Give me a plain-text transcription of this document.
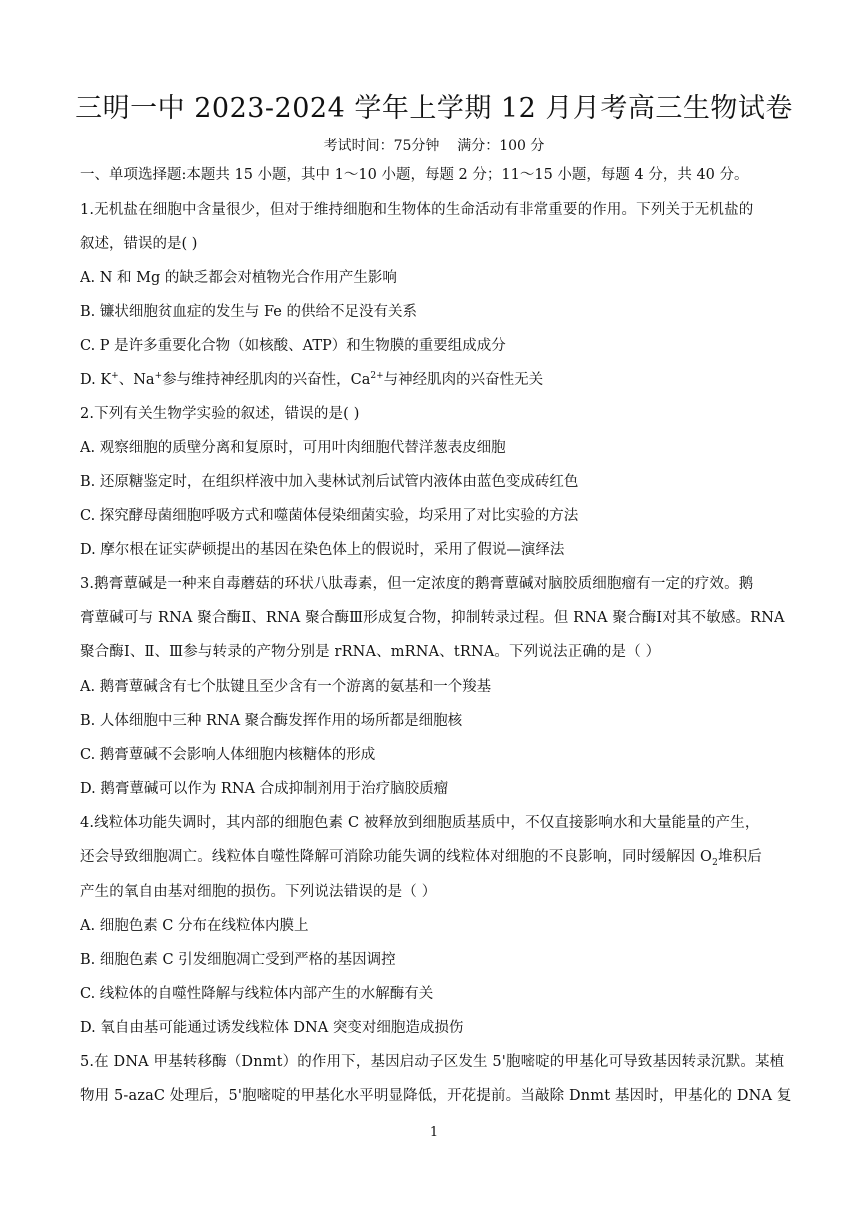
三明一中 2023-2024 学年上学期 12 月月考高三生物试卷
考试时间：75分钟    满分：100 分
一、单项选择题:本题共 15 小题，其中 1～10 小题，每题 2 分；11～15 小题，每题 4 分，共 40 分。
1.无机盐在细胞中含量很少，但对于维持细胞和生物体的生命活动有非常重要的作用。下列关于无机盐的
叙述，错误的是( )
A. N 和 Mg 的缺乏都会对植物光合作用产生影响
B. 镰状细胞贫血症的发生与 Fe 的供给不足没有关系
C. P 是许多重要化合物（如核酸、ATP）和生物膜的重要组成成分
D. K+、Na+参与维持神经肌肉的兴奋性，$Ca^{2+}$与神经肌肉的兴奋性无关
2.下列有关生物学实验的叙述，错误的是( )
A. 观察细胞的质壁分离和复原时，可用叶肉细胞代替洋葱表皮细胞
B. 还原糖鉴定时，在组织样液中加入斐林试剂后试管内液体由蓝色变成砖红色
C. 探究酵母菌细胞呼吸方式和噬菌体侵染细菌实验，均采用了对比实验的方法
D. 摩尔根在证实萨顿提出的基因在染色体上的假说时，采用了假说—演绎法
3.鹅膏蕈碱是一种来自毒蘑菇的环状八肽毒素，但一定浓度的鹅膏蕈碱对脑胶质细胞瘤有一定的疗效。鹅
膏蕈碱可与 RNA 聚合酶Ⅱ、RNA 聚合酶Ⅲ形成复合物，抑制转录过程。但 RNA 聚合酶Ⅰ对其不敏感。RNA
聚合酶Ⅰ、Ⅱ、Ⅲ参与转录的产物分别是 rRNA、mRNA、tRNA。下列说法正确的是（ ）
A. 鹅膏蕈碱含有七个肽键且至少含有一个游离的氨基和一个羧基
B. 人体细胞中三种 RNA 聚合酶发挥作用的场所都是细胞核
C. 鹅膏蕈碱不会影响人体细胞内核糖体的形成
D. 鹅膏蕈碱可以作为 RNA 合成抑制剂用于治疗脑胶质瘤
4.线粒体功能失调时，其内部的细胞色素 C 被释放到细胞质基质中，不仅直接影响水和大量能量的产生，
还会导致细胞凋亡。线粒体自噬性降解可消除功能失调的线粒体对细胞的不良影响，同时缓解因 $O_2$堆积后
产生的氧自由基对细胞的损伤。下列说法错误的是（ ）
A. 细胞色素 C 分布在线粒体内膜上
B. 细胞色素 C 引发细胞凋亡受到严格的基因调控
C. 线粒体的自噬性降解与线粒体内部产生的水解酶有关
D. 氧自由基可能通过诱发线粒体 DNA 突变对细胞造成损伤
5.在 DNA 甲基转移酶（Dnmt）的作用下，基因启动子区发生 5'胞嘧啶的甲基化可导致基因转录沉默。某植
物用 5-azaC 处理后，5'胞嘧啶的甲基化水平明显降低，开花提前。当敲除 Dnmt 基因时，甲基化的 DNA 复
1
